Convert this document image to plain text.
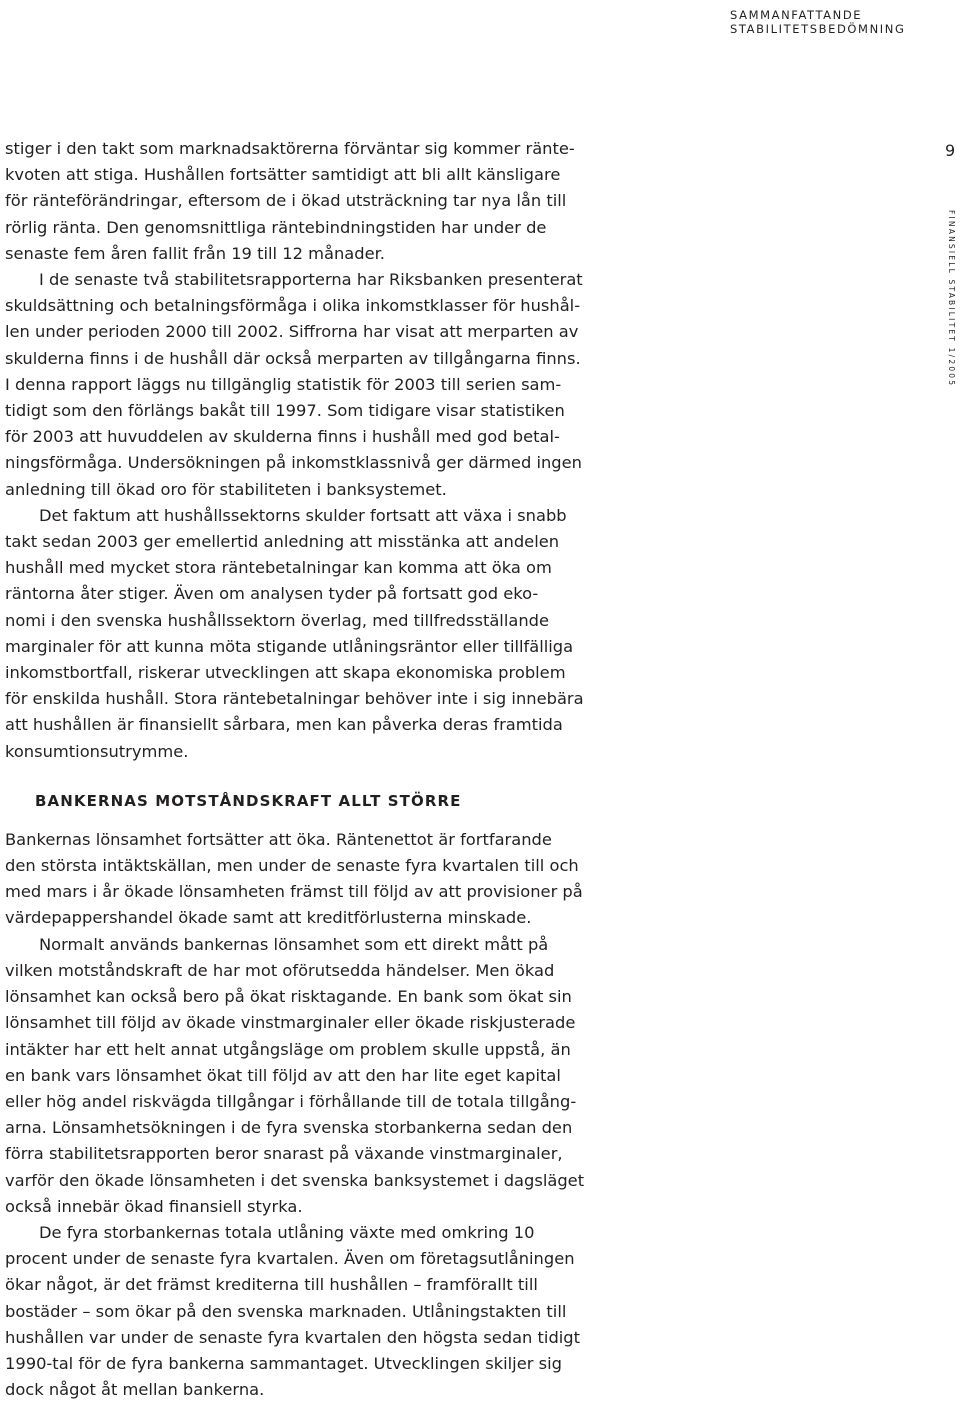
SAMMANFATTANDE
STABILITETSBEDÖMNING
9
FINANSIELL STABILITET 1/2005

stiger i den takt som marknadsaktörerna förväntar sig kommer ränte-
kvoten att stiga. Hushållen fortsätter samtidigt att bli allt känsligare
för ränteförändringar, eftersom de i ökad utsträckning tar nya lån till
rörlig ränta. Den genomsnittliga räntebindningstiden har under de
senaste fem åren fallit från 19 till 12 månader.

I de senaste två stabilitetsrapporterna har Riksbanken presenterat
skuldsättning och betalningsförmåga i olika inkomstklasser för hushål-
len under perioden 2000 till 2002. Siffrorna har visat att merparten av
skulderna finns i de hushåll där också merparten av tillgångarna finns.
I denna rapport läggs nu tillgänglig statistik för 2003 till serien sam-
tidigt som den förlängs bakåt till 1997. Som tidigare visar statistiken
för 2003 att huvuddelen av skulderna finns i hushåll med god betal-
ningsförmåga. Undersökningen på inkomstklassnivå ger därmed ingen
anledning till ökad oro för stabiliteten i banksystemet.

Det faktum att hushållssektorns skulder fortsatt att växa i snabb
takt sedan 2003 ger emellertid anledning att misstänka att andelen
hushåll med mycket stora räntebetalningar kan komma att öka om
räntorna åter stiger. Även om analysen tyder på fortsatt god eko-
nomi i den svenska hushållssektorn överlag, med tillfredsställande
marginaler för att kunna möta stigande utlåningsräntor eller tillfälliga
inkomstbortfall, riskerar utvecklingen att skapa ekonomiska problem
för enskilda hushåll. Stora räntebetalningar behöver inte i sig innebära
att hushållen är finansiellt sårbara, men kan påverka deras framtida
konsumtionsutrymme.

BANKERNAS MOTSTÅNDSKRAFT ALLT STÖRRE

Bankernas lönsamhet fortsätter att öka. Räntenettot är fortfarande
den största intäktskällan, men under de senaste fyra kvartalen till och
med mars i år ökade lönsamheten främst till följd av att provisioner på
värdepappershandel ökade samt att kreditförlusterna minskade.

Normalt används bankernas lönsamhet som ett direkt mått på
vilken motståndskraft de har mot oförutsedda händelser. Men ökad
lönsamhet kan också bero på ökat risktagande. En bank som ökat sin
lönsamhet till följd av ökade vinstmarginaler eller ökade riskjusterade
intäkter har ett helt annat utgångsläge om problem skulle uppstå, än
en bank vars lönsamhet ökat till följd av att den har lite eget kapital
eller hög andel riskvägda tillgångar i förhållande till de totala tillgång-
arna. Lönsamhetsökningen i de fyra svenska storbankerna sedan den
förra stabilitetsrapporten beror snarast på växande vinstmarginaler,
varför den ökade lönsamheten i det svenska banksystemet i dagsläget
också innebär ökad finansiell styrka.

De fyra storbankernas totala utlåning växte med omkring 10
procent under de senaste fyra kvartalen. Även om företagsutlåningen
ökar något, är det främst krediterna till hushållen – framförallt till
bostäder – som ökar på den svenska marknaden. Utlåningstakten till
hushållen var under de senaste fyra kvartalen den högsta sedan tidigt
1990-tal för de fyra bankerna sammantaget. Utvecklingen skiljer sig
dock något åt mellan bankerna.
